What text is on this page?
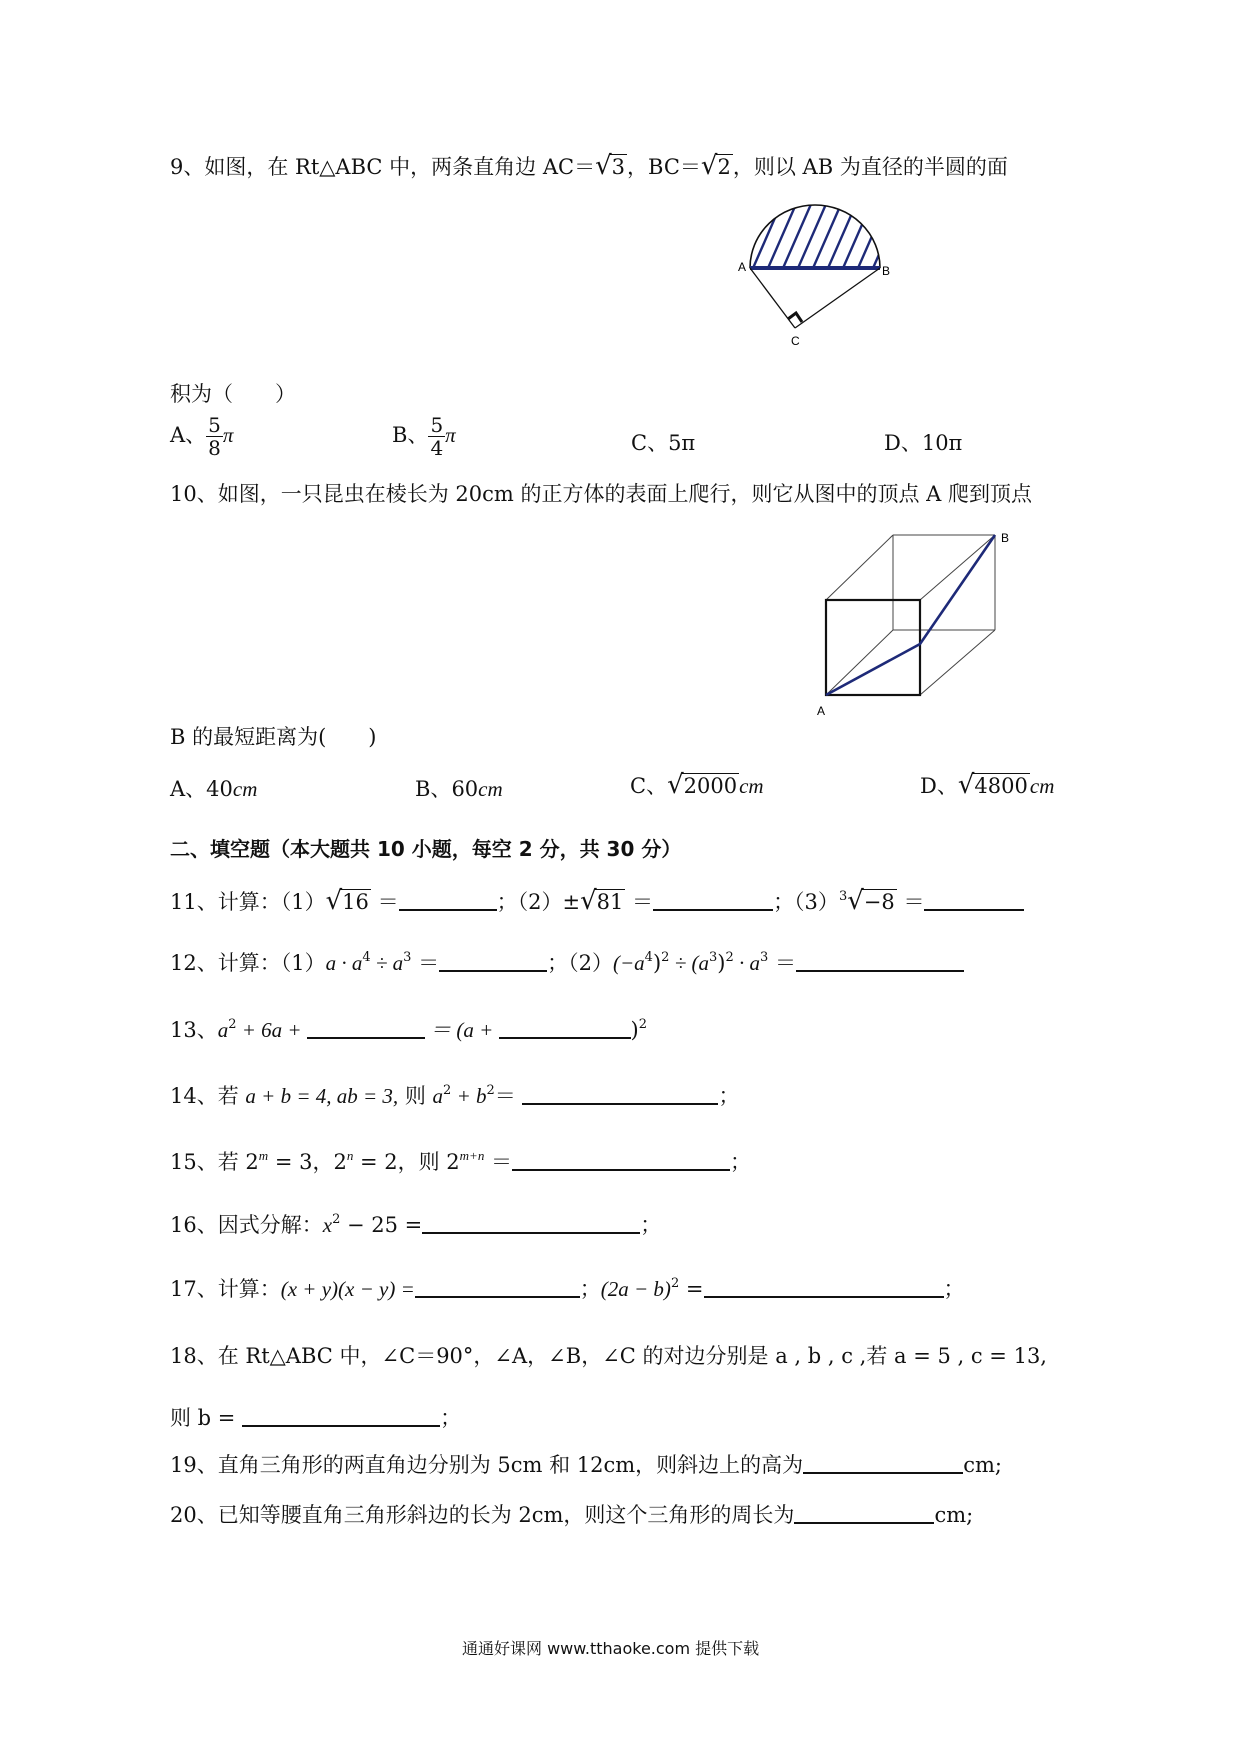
9、如图，在 Rt△ABC 中，两条直角边 AC＝√3，BC＝√2，则以 AB 为直径的半圆的面
A	B
C
积为（　　）
A、 $\frac{5}{8}$ π	B、 $\frac{5}{4}$ π	C、5π	D、10π
10、如图，一只昆虫在棱长为 20cm 的正方体的表面上爬行，则它从图中的顶点 A 爬到顶点
A
B
B 的最短距离为(　　)
A、40cm	B、60cm	C、√2000cm	D、√4800cm
二、填空题（本大题共 10 小题，每空 2 分，共 30 分）
11、计算：（1）√16 ＝	；（2）±√81 ＝	；$(3)^3√-8$ ＝
12、计算：$(1)a \cdot a^4 \div a^3$ ＝	；$(2)(-a^4)^2 \div (a^3)^2 \cdot a^3$ ＝
13、$a^2 + 6a$ +	＝ (a +	)$^2$
14、若 a + b = 4, ab = 3, 则 $a^2 + b^2=$	；
15、若 $2^m = 3$，$2^n = 2$，则 $2^{m+n}$ ＝	；
16、因式分解：$x^2 - 25$ =	；
17、计算：(x + y)(x − y) =	；$(2a - b)^2$ =	；
18、在 Rt△ABC 中，∠C＝90°，∠A，∠B，∠C 的对边分别是 a , b , c ,若 a = 5 , c = 13,
则 b =	；
19、直角三角形的两直角边分别为 5cm 和 12cm，则斜边上的高为	cm;
20、已知等腰直角三角形斜边的长为 2cm，则这个三角形的周长为	cm;
通通好课网 www.tthaoke.com 提供下载
